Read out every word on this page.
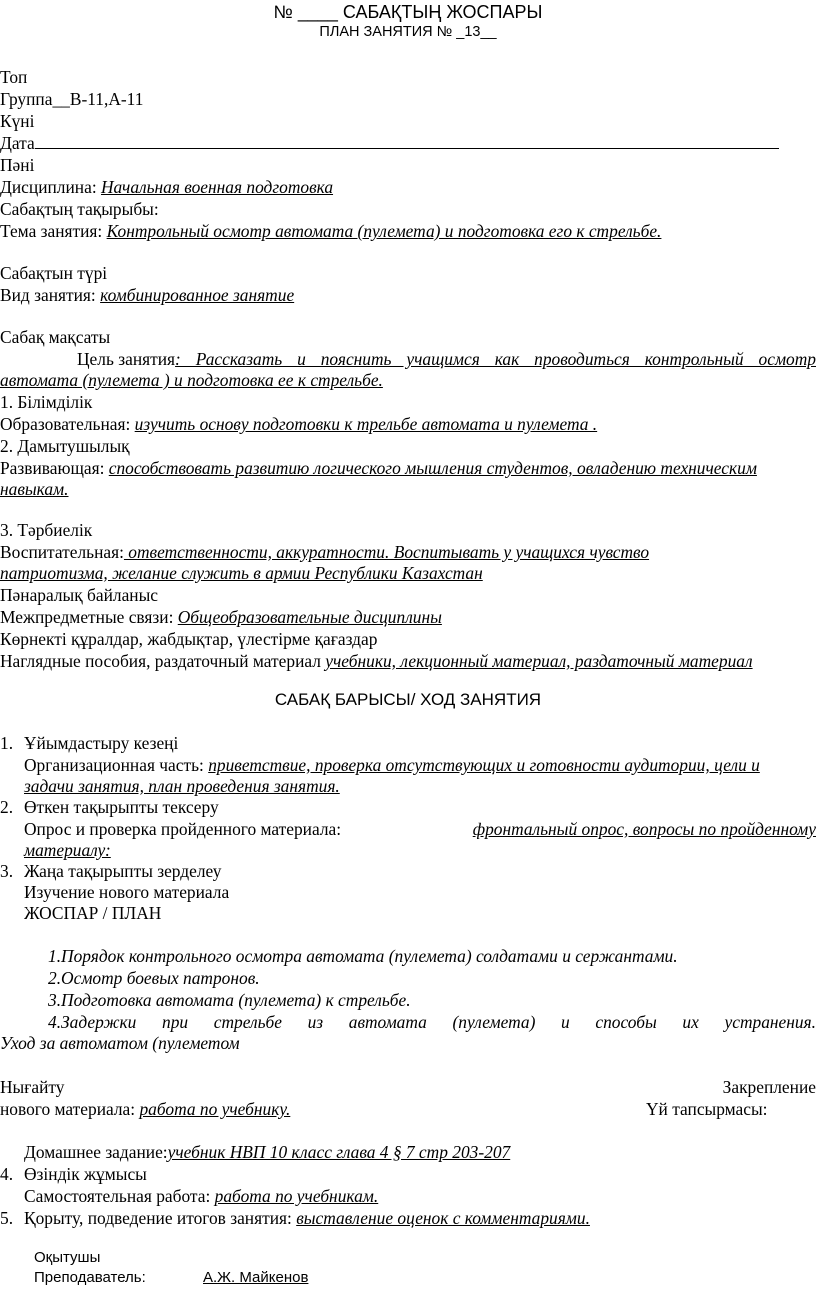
№ ____ САБАҚТЫҢ ЖОСПАРЫ
ПЛАН ЗАНЯТИЯ № _13__
Топ
Группа__В-11,А-11
Күні
Дата
Пәні
Дисциплина: Начальная военная подготовка
Сабақтың тақырыбы:
Тема занятия: Контрольный осмотр автомата (пулемета) и подготовка его к стрельбе.
Сабақтын түрі
Вид занятия: комбинированное занятие
Сабақ мақсаты
Цель занятия : Рассказать и пояснить учащимся как проводиться контрольный осмотр
автомата (пулемета ) и подготовка ее к стрельбе.
1. Білімділік
Образовательная: изучить основу подготовки к трельбе автомата и пулемета .
2. Дамытушылық
Развивающая: способствовать развитию логического мышления студентов, овладению техническим
навыкам.
3. Тәрбиелік
Воспитательная: ответственности, аккуратности. Воспитывать у учащихся чувство
патриотизма, желание служить в армии Республики Казахстан
Пәнаралық байланыс
Межпредметные связи: Общеобразовательные дисциплины
Көрнекті құралдар, жабдықтар, үлестірме қағаздар
Наглядные пособия, раздаточный материал учебники, лекционный материал, раздаточный материал
САБАҚ БАРЫСЫ/ ХОД ЗАНЯТИЯ
1. Ұйымдастыру кезеңі
Организационная часть: приветствие, проверка отсутствующих и готовности аудитории, цели и
задачи занятия, план проведения занятия.
2. Өткен тақырыпты тексеру
Опрос и проверка пройденного материала:	фронтальный опрос, вопросы по пройденному
материалу:
3. Жаңа тақырыпты зерделеу
Изучение нового материала
ЖОСПАР / ПЛАН
1.Порядок контрольного осмотра автомата (пулемета) солдатами и сержантами.
2.Осмотр боевых патронов.
3.Подготовка автомата (пулемета) к стрельбе.
4.Задержки при стрельбе из автомата (пулемета) и способы их устранения.
Уход за автоматом (пулеметом
Нығайту	Закрепление
нового материала: работа по учебнику.	Үй тапсырмасы:
Домашнее задание:учебник НВП 10 класс глава 4 § 7 стр 203-207
4. Өзіндік жұмысы
Самостоятельная работа: работа по учебникам.
5. Қорыту, подведение итогов занятия: выставление оценок с комментариями.
Оқытушы
Преподаватель:	А.Ж. Майкенов
